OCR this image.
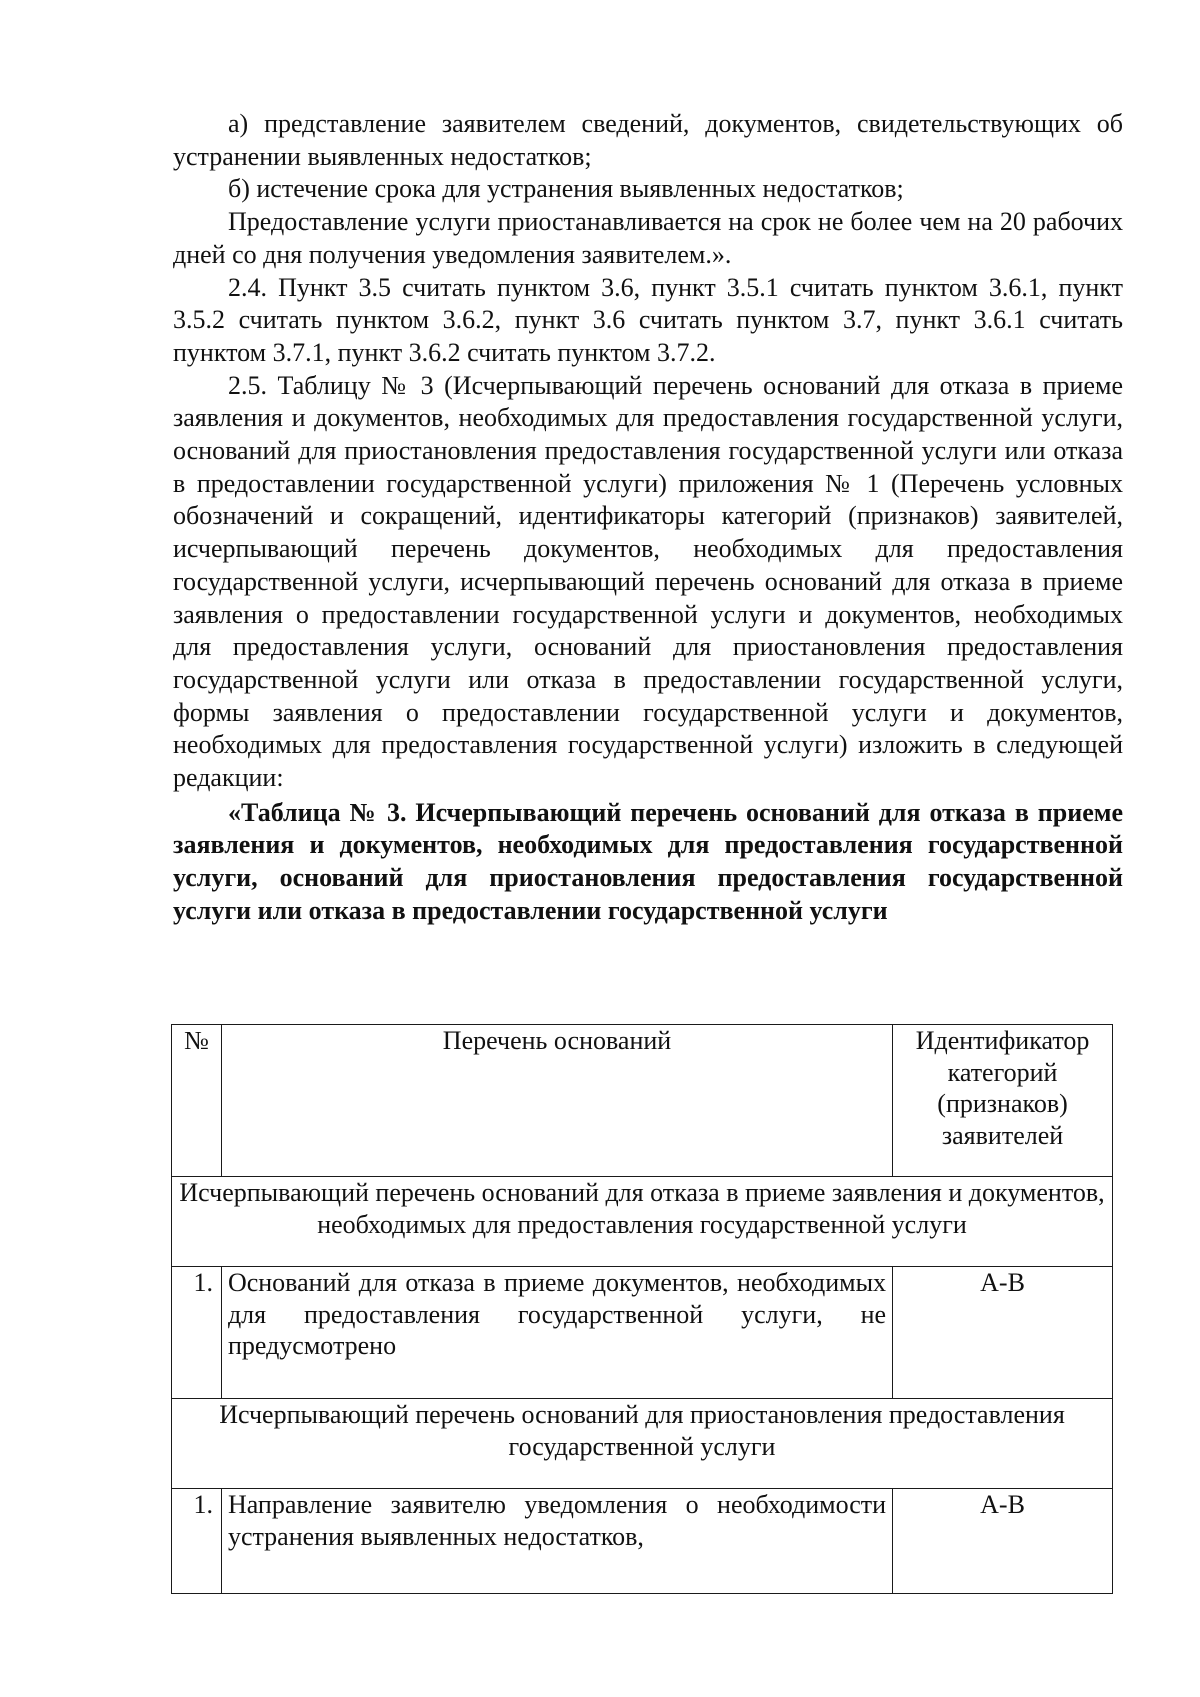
а) представление заявителем сведений, документов, свидетельствующих об устранении выявленных недостатков;

б) истечение срока для устранения выявленных недостатков;

Предоставление услуги приостанавливается на срок не более чем на 20 рабочих дней со дня получения уведомления заявителем.».

2.4. Пункт 3.5 считать пунктом 3.6, пункт 3.5.1 считать пунктом 3.6.1, пункт 3.5.2 считать пунктом 3.6.2, пункт 3.6 считать пунктом 3.7, пункт 3.6.1 считать пунктом 3.7.1, пункт 3.6.2 считать пунктом 3.7.2.

2.5. Таблицу № 3 (Исчерпывающий перечень оснований для отказа в приеме заявления и документов, необходимых для предоставления государственной услуги, оснований для приостановления предоставления государственной услуги или отказа в предоставлении государственной услуги) приложения № 1 (Перечень условных обозначений и сокращений, идентификаторы категорий (признаков) заявителей, исчерпывающий перечень документов, необходимых для предоставления государственной услуги, исчерпывающий перечень оснований для отказа в приеме заявления о предоставлении государственной услуги и документов, необходимых для предоставления услуги, оснований для приостановления предоставления государственной услуги или отказа в предоставлении государственной услуги, формы заявления о предоставлении государственной услуги и документов, необходимых для предоставления государственной услуги) изложить в следующей редакции:

«Таблица № 3. Исчерпывающий перечень оснований для отказа в приеме заявления и документов, необходимых для предоставления государственной услуги, оснований для приостановления предоставления государственной услуги или отказа в предоставлении государственной услуги

№	Перечень оснований	Идентификатор категорий (признаков) заявителей
Исчерпывающий перечень оснований для отказа в приеме заявления и документов, необходимых для предоставления государственной услуги		
1.	Оснований для отказа в приеме документов, необходимых для предоставления государственной услуги, не предусмотрено	А-В
Исчерпывающий перечень оснований для приостановления предоставления государственной услуги		
1.	Направление заявителю уведомления о необходимости устранения выявленных недостатков,	А-В
